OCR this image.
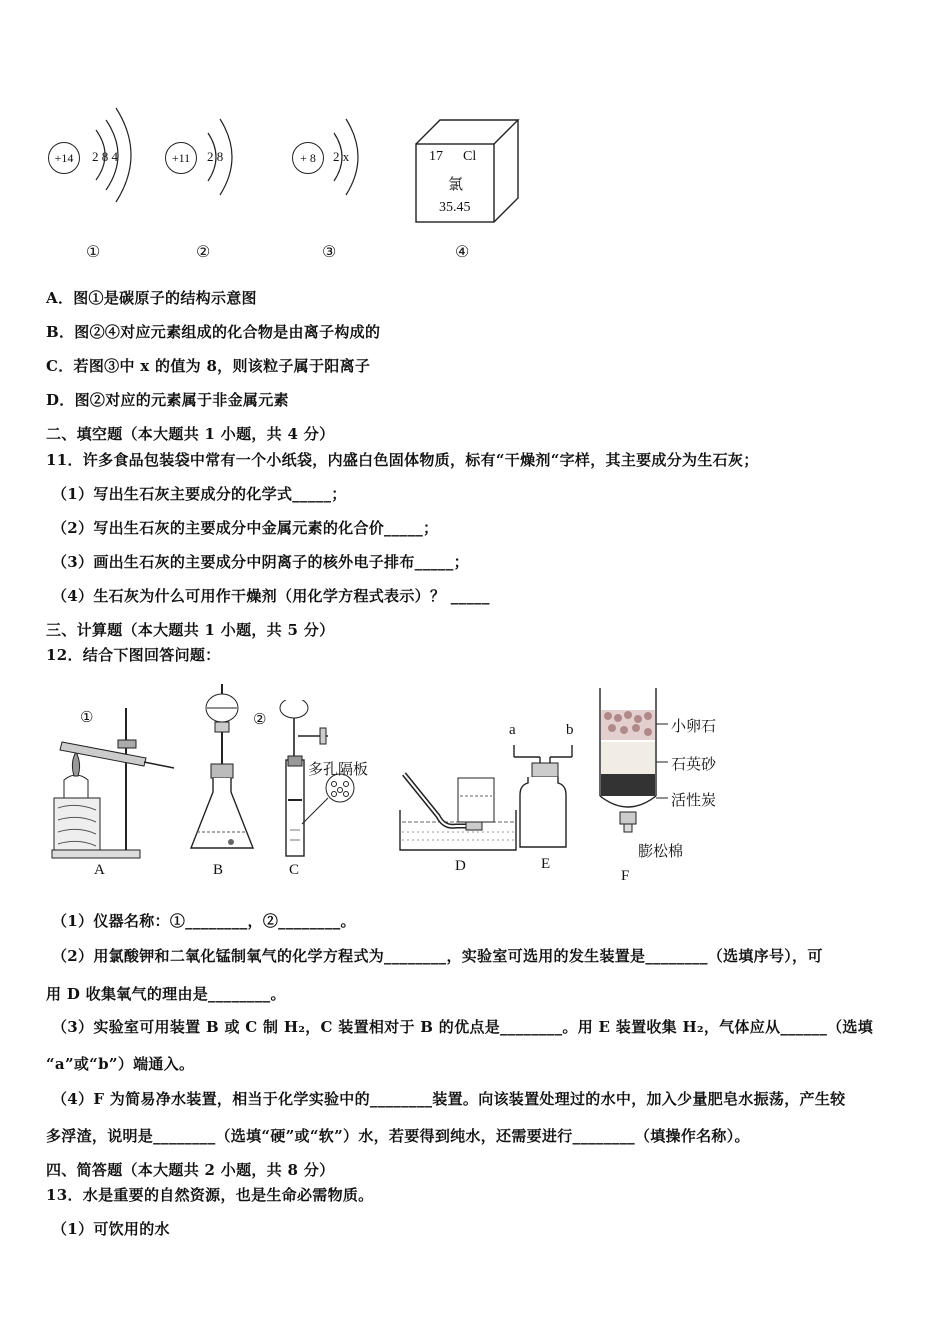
+14	2 8 4
①
+11	2 8
②
+ 8	2 x
③
17 Cl
氯
35.45
④
A．图①是碳原子的结构示意图
B．图②④对应元素组成的化合物是由离子构成的
C．若图③中 x 的值为 8，则该粒子属于阳离子
D．图②对应的元素属于非金属元素
二、填空题（本大题共 1 小题，共 4 分）
11．许多食品包装袋中常有一个小纸袋，内盛白色固体物质，标有“干燥剂“字样，其主要成分为生石灰；
（1）写出生石灰主要成分的化学式_____；
（2）写出生石灰的主要成分中金属元素的化合价_____；
（3）画出生石灰的主要成分中阴离子的核外电子排布_____；
（4）生石灰为什么可用作干燥剂（用化学方程式表示）？ _____
三、计算题（本大题共 1 小题，共 5 分）
12．结合下图回答问题：
①
A	B
②
多孔隔板
C	D
a	b
E
小卵石
石英砂
活性炭
膨松棉
F
（1）仪器名称：①________，②________。
（2）用氯酸钾和二氧化锰制氧气的化学方程式为________，实验室可选用的发生装置是________（选填序号），可
用 D 收集氧气的理由是________。
（3）实验室可用装置 B 或 C 制 H₂，C 装置相对于 B 的优点是________。用 E 装置收集 H₂，气体应从______（选填
“a”或“b”）端通入。
（4）F 为简易净水装置，相当于化学实验中的________装置。向该装置处理过的水中，加入少量肥皂水振荡，产生较
多浮渣，说明是________（选填“硬”或“软”）水，若要得到纯水，还需要进行________（填操作名称）。
四、简答题（本大题共 2 小题，共 8 分）
13．水是重要的自然资源，也是生命必需物质。
（1）可饮用的水
